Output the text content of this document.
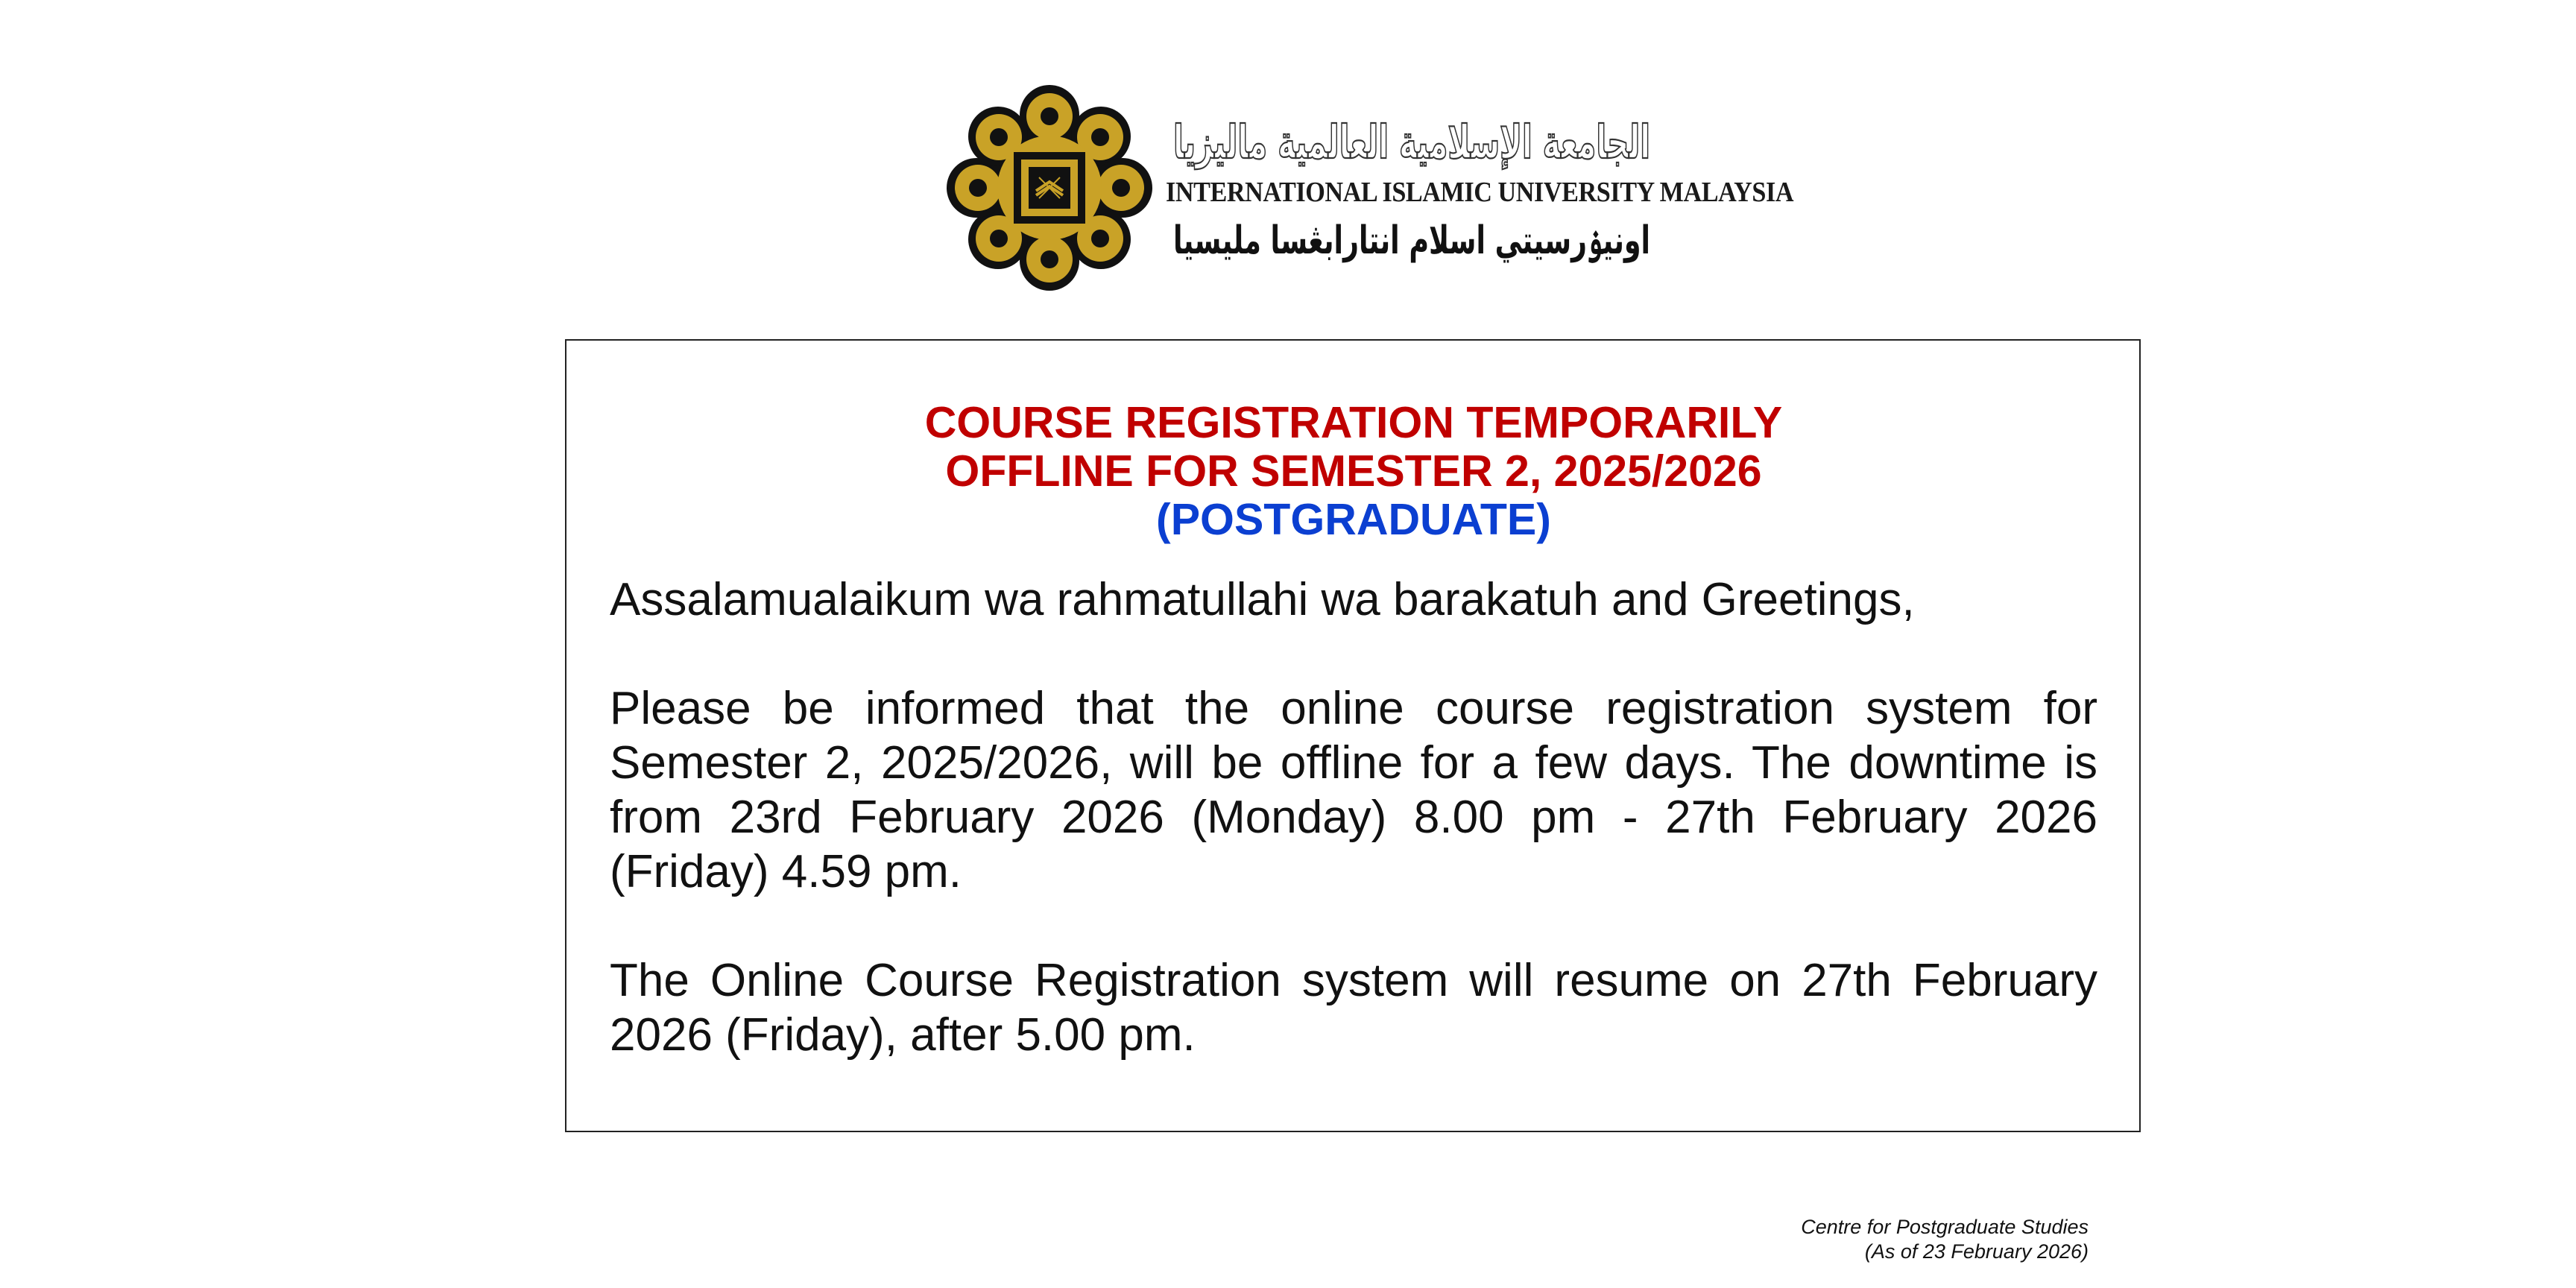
الجامعة الإسلامية العالمية ماليزيا
INTERNATIONAL ISLAMIC UNIVERSITY MALAYSIA
اونيۏرسيتي اسلام انتارابڠسا مليسيا
COURSE REGISTRATION TEMPORARILY
OFFLINE FOR SEMESTER 2, 2025/2026
(POSTGRADUATE)

Assalamualaikum wa rahmatullahi wa barakatuh and Greetings,

Please be informed that the online course registration system for Semester 2, 2025/2026, will be offline for a few days. The downtime is from 23rd February 2026 (Monday) 8.00 pm - 27th February 2026 (Friday) 4.59 pm.

The Online Course Registration system will resume on 27th February 2026 (Friday), after 5.00 pm.

Centre for Postgraduate Studies
(As of 23 February 2026)
